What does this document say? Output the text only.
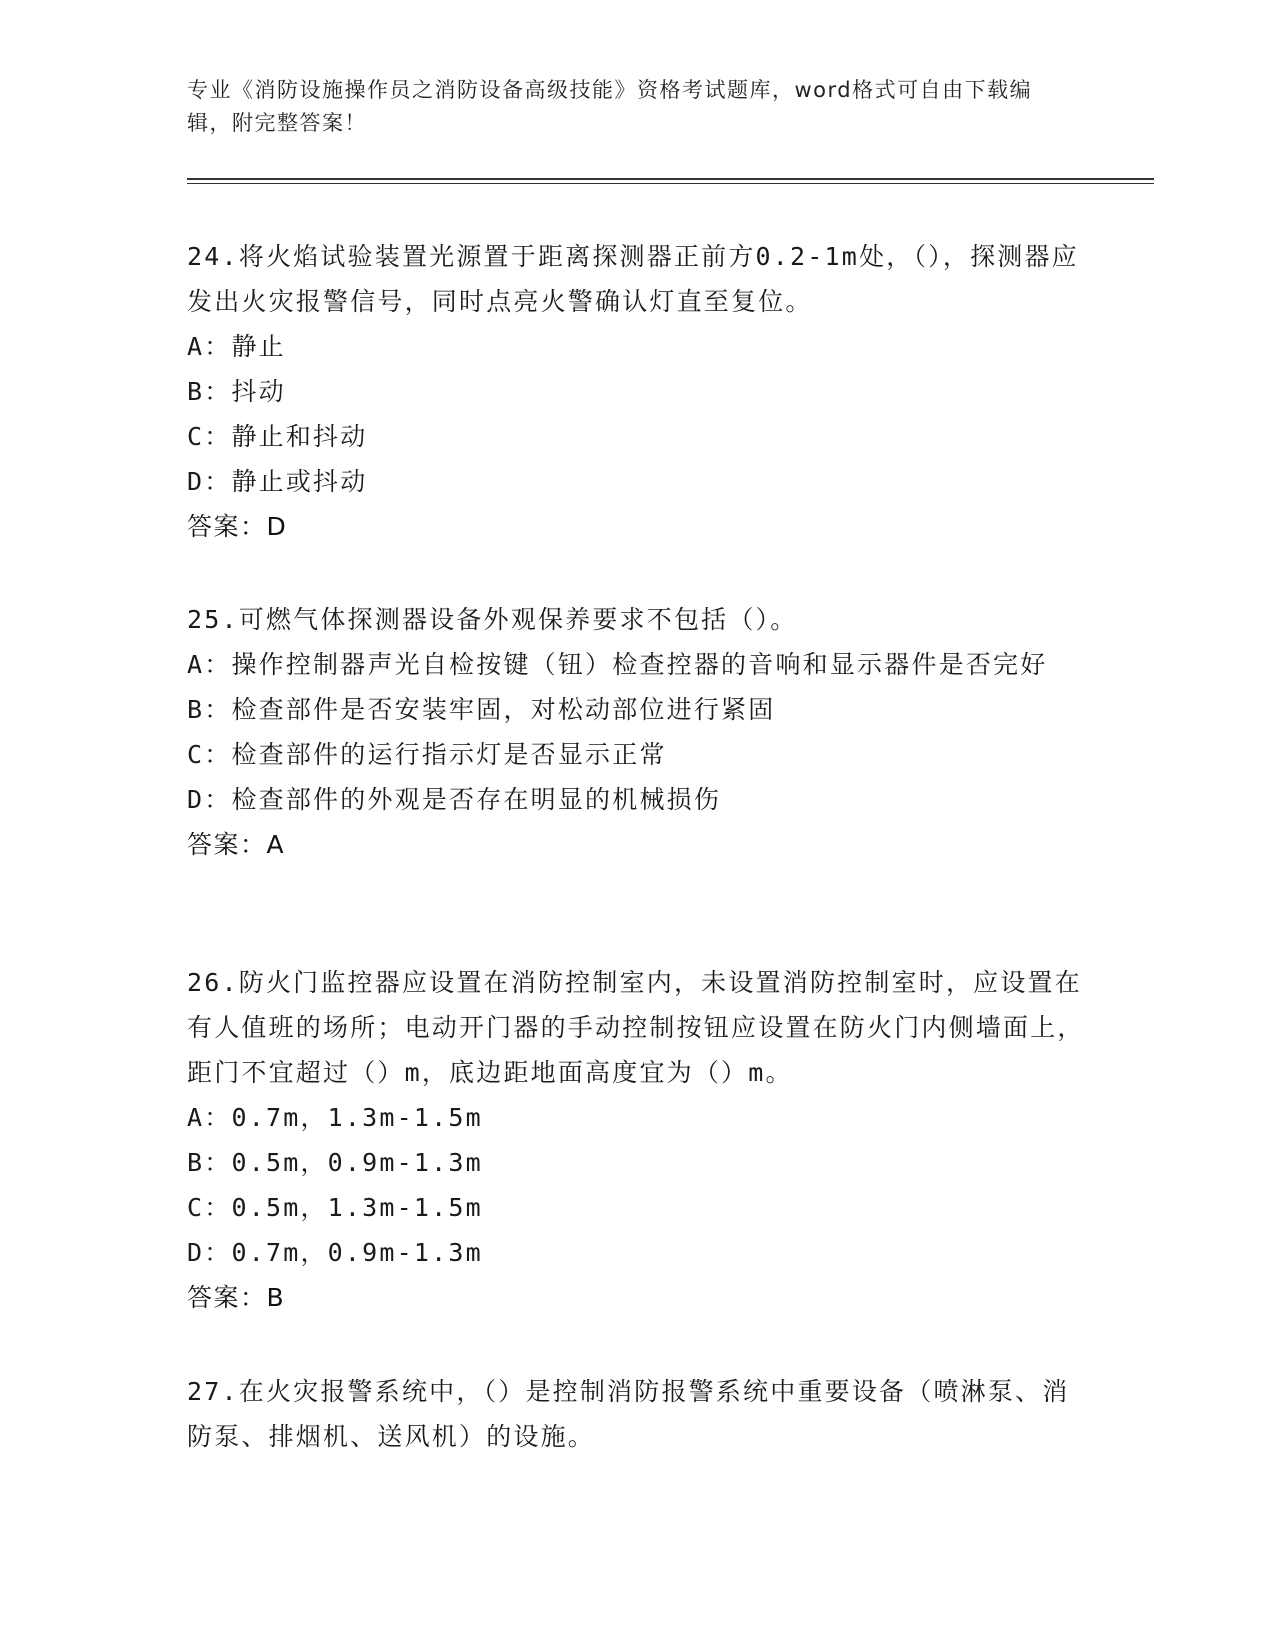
专业《消防设施操作员之消防设备高级技能》资格考试题库，word格式可自由下载编辑，附完整答案！

24.将火焰试验装置光源置于距离探测器正前方0.2-1m处，（），探测器应发出火灾报警信号，同时点亮火警确认灯直至复位。

A：静止

B：抖动

C：静止和抖动

D：静止或抖动

答案：D

25.可燃气体探测器设备外观保养要求不包括（）。

A：操作控制器声光自检按键（钮）检查控器的音响和显示器件是否完好

B：检查部件是否安装牢固，对松动部位进行紧固

C：检查部件的运行指示灯是否显示正常

D：检查部件的外观是否存在明显的机械损伤

答案：A

26.防火门监控器应设置在消防控制室内，未设置消防控制室时，应设置在有人值班的场所；电动开门器的手动控制按钮应设置在防火门内侧墙面上，距门不宜超过（）m，底边距地面高度宜为（）m。

A：0.7m，1.3m-1.5m

B：0.5m，0.9m-1.3m

C：0.5m，1.3m-1.5m

D：0.7m，0.9m-1.3m

答案：B

27.在火灾报警系统中，（）是控制消防报警系统中重要设备（喷淋泵、消防泵、排烟机、送风机）的设施。
